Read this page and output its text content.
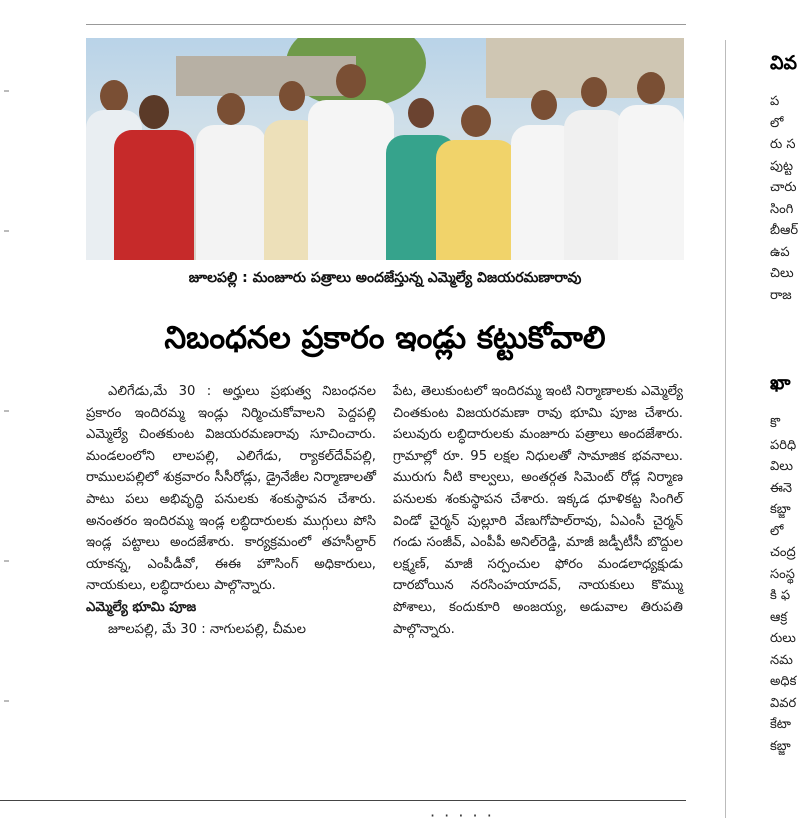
జూలపల్లి : మంజూరు పత్రాలు అందజేస్తున్న ఎమ్మెల్యే విజయరమణారావు
నిబంధనల ప్రకారం ఇండ్లు కట్టుకోవాలి

ఎలిగేడు,మే 30 : అర్హులు ప్రభుత్వ నిబంధనల ప్రకారం ఇందిరమ్మ ఇండ్లు నిర్మించుకోవాలని పెద్దపల్లి ఎమ్మెల్యే చింతకుంట విజయరమణరావు సూచించారు. మండలంలోని లాలపల్లి, ఎలిగేడు, ర్యాకల్‌దేవ్‌పల్లి, రాములపల్లిలో శుక్రవారం సీసీరోడ్లు, డ్రైనేజీల నిర్మాణాలతో పాటు పలు అభివృద్ధి పనులకు శంకుస్థాపన చేశారు. అనంతరం ఇందిరమ్మ ఇండ్ల లబ్ధిదారులకు ముగ్గులు పోసి ఇండ్ల పట్టాలు అందజేశారు. కార్యక్రమంలో తహసీల్దార్ యాకన్న, ఎంపీడీవో, ఈఈ హౌసింగ్ అధికారులు, నాయకులు, లబ్ధిదారులు పాల్గొన్నారు.

ఎమ్మెల్యే భూమి పూజ

జూలపల్లి, మే 30 : నాగులపల్లి, చీమల

పేట, తెలుకుంటలో ఇందిరమ్మ ఇంటి నిర్మాణాలకు ఎమ్మెల్యే చింతకుంట విజయరమణా రావు భూమి పూజ చేశారు. పలువురు లబ్ధిదారులకు మంజూరు పత్రాలు అందజేశారు. గ్రామాల్లో రూ. 95 లక్షల నిధులతో సామాజిక భవనాలు. మురుగు నీటి కాల్వలు, అంతర్గత సిమెంట్ రోడ్ల నిర్మాణ పనులకు శంకుస్థాపన చేశారు. ఇక్కడ ధూళికట్ట సింగిల్ విండో చైర్మన్ పుల్లూరి వేణుగోపాల్‌రావు, ఏఎంసీ చైర్మన్ గండు సంజీవ్, ఎంపీపీ అనిల్‌రెడ్డి, మాజీ జడ్పీటీసీ బొద్దుల లక్ష్మణ్, మాజీ సర్పంచుల ఫోరం మండలాధ్యక్షుడు దారబోయిన నరసింహయాదవ్, నాయకులు కొమ్ము పోశాలు, కందుకూరి అంజయ్య, అడువాల తిరుపతి పాల్గొన్నారు.

· · · · ·
వివ
ప
లో
రు స
పుట్ట
చారు
సింగి
బీఆర్
ఉప
చిలు
రాజ
ఖా
కొ
పరిధి
విలు
ఈనె
కబ్జా
లో
చంద్ర
సంస్థ
కి ఫ
ఆక్ర
రులు
నమ
అధిక
వివర
కేటా
కబ్జా
